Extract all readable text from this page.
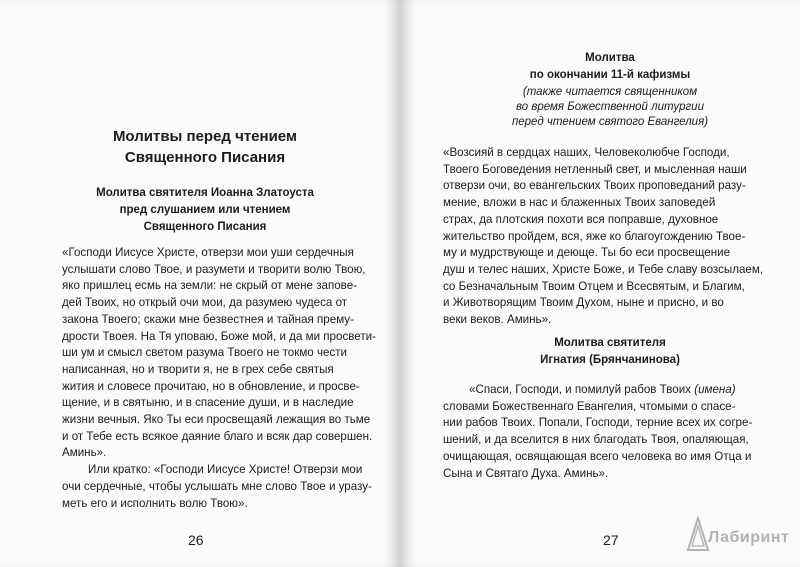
Молитвы перед чтением
Священного Писания
Молитва святителя Иоанна Златоуста
пред слушанием или чтением
Священного Писания
«Господи Иисусе Христе, отверзи мои уши сердечныя
услышати слово Твое, и разумети и творити волю Твою,
яко пришлец есмь на земли: не скрый от мене запове-
дей Твоих, но открый очи мои, да разумею чудеса от
закона Твоего; скажи мне безвестнея и тайная прему-
дрости Твоея. На Тя уповаю, Боже мой, и да ми просвети-
ши ум и смысл светом разума Твоего не токмо чести
написанная, но и творити я, не в грех себе святыя
жития и словесе прочитаю, но в обновление, и просве-
щение, и в святыню, и в спасение души, и в наследие
жизни вечныя. Яко Ты еси просвещаяй лежащия во тьме
и от Тебе есть всякое даяние благо и всяк дар совершен.
Аминь».
Или кратко: «Господи Иисусе Христе! Отверзи мои
очи сердечные, чтобы услышать мне слово Твое и уразу-
меть его и исполнить волю Твою».
26
Молитва
по окончании 11-й кафизмы
(также читается священником
во время Божественной литургии
перед чтением святого Евангелия)
«Возсияй в сердцах наших, Человеколюбче Господи,
Твоего Боговедения нетленный свет, и мысленная наши
отверзи очи, во евангельских Твоих проповеданий разу-
мение, вложи в нас и блаженных Твоих заповедей
страх, да плотския похоти вся поправше, духовное
жительство пройдем, вся, яже ко благоугождению Твое-
му и мудрствующе и деюще. Ты бо еси просвещение
душ и телес наших, Христе Боже, и Тебе славу возсылаем,
со Безначальным Твоим Отцем и Всесвятым, и Благим,
и Животворящим Твоим Духом, ныне и присно, и во
веки веков. Аминь».
Молитва святителя
Игнатия (Брянчанинова)
«Спаси, Господи, и помилуй рабов Твоих (имена)
словами Божественнаго Евангелия, чтомыми о спасе-
нии рабов Твоих. Попали, Господи, терние всех их согре-
шений, и да вселится в них благодать Твоя, опаляющая,
очищающая, освящающая всего человека во имя Отца и
Сына и Святаго Духа. Аминь».
27	Лабиринт
